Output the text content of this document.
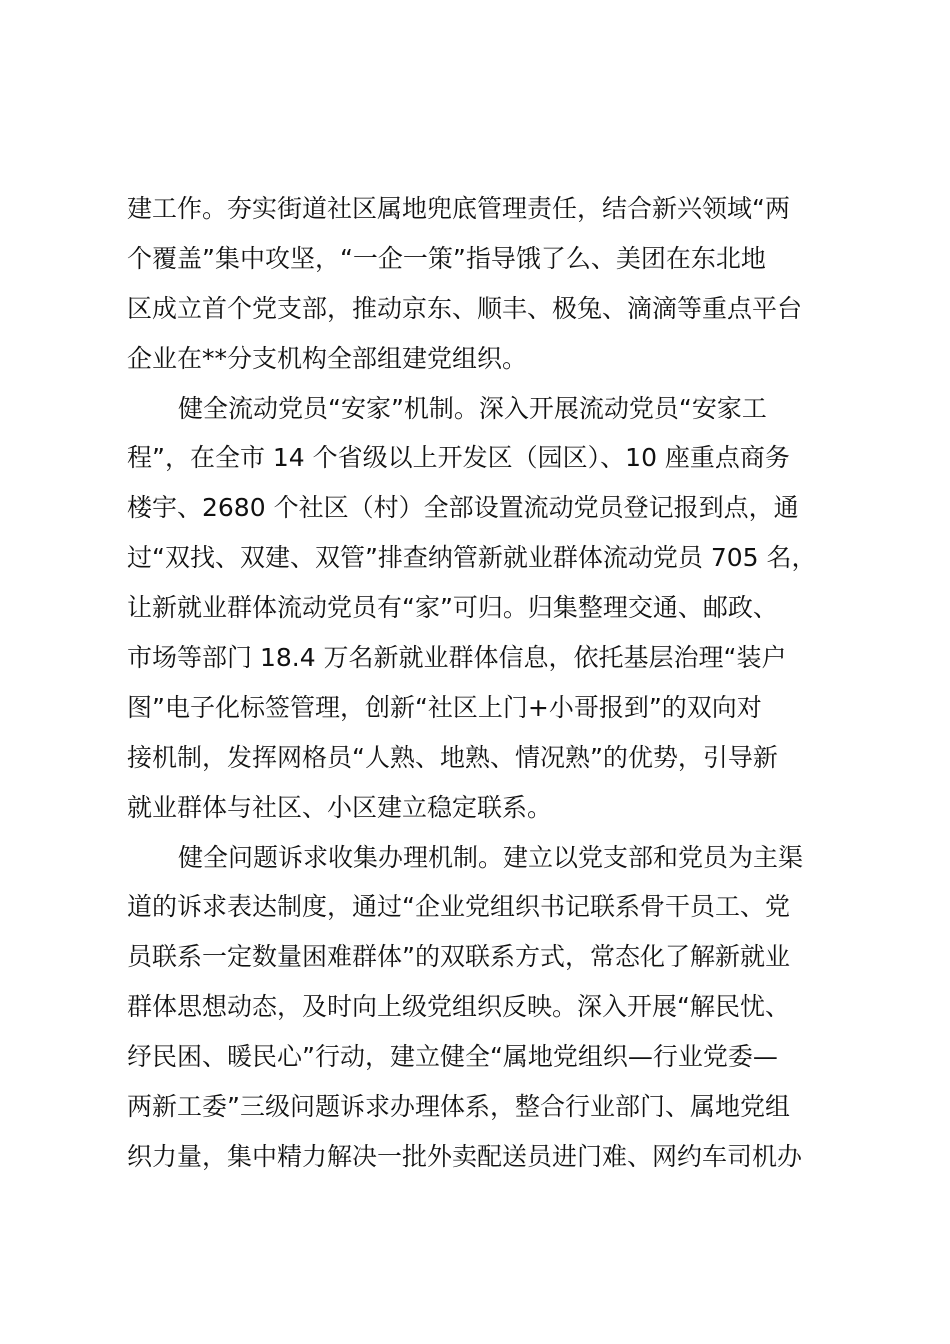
建工作。夯实街道社区属地兜底管理责任，结合新兴领域“两

个覆盖”集中攻坚，“一企一策”指导饿了么、美团在东北地

区成立首个党支部，推动京东、顺丰、极兔、滴滴等重点平台

企业在**分支机构全部组建党组织。

健全流动党员“安家”机制。深入开展流动党员“安家工

程”，在全市 14 个省级以上开发区（园区）、10 座重点商务

楼宇、2680 个社区（村）全部设置流动党员登记报到点，通

过“双找、双建、双管”排查纳管新就业群体流动党员 705 名，

让新就业群体流动党员有“家”可归。归集整理交通、邮政、

市场等部门 18.4 万名新就业群体信息，依托基层治理“装户

图”电子化标签管理，创新“社区上门+小哥报到”的双向对

接机制，发挥网格员“人熟、地熟、情况熟”的优势，引导新

就业群体与社区、小区建立稳定联系。

健全问题诉求收集办理机制。建立以党支部和党员为主渠

道的诉求表达制度，通过“企业党组织书记联系骨干员工、党

员联系一定数量困难群体”的双联系方式，常态化了解新就业

群体思想动态，及时向上级党组织反映。深入开展“解民忧、

纾民困、暖民心”行动，建立健全“属地党组织—行业党委—

两新工委”三级问题诉求办理体系，整合行业部门、属地党组

织力量，集中精力解决一批外卖配送员进门难、网约车司机办
